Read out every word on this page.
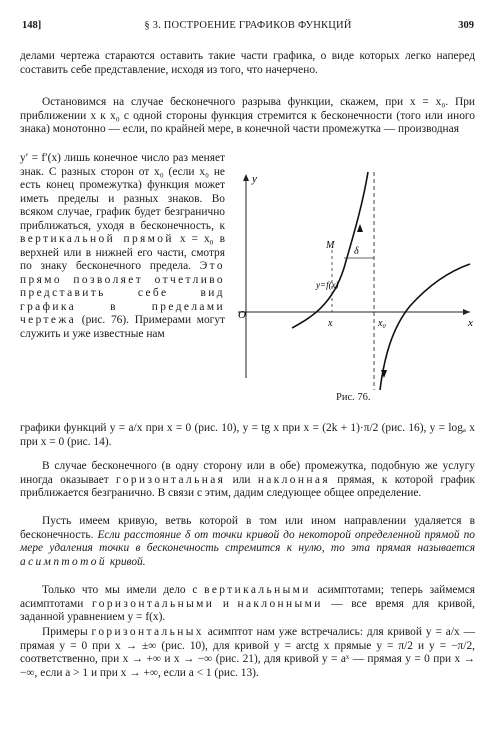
148]	§ 3. ПОСТРОЕНИЕ ГРАФИКОВ ФУНКЦИЙ	309

делами чертежа стараются оставить такие части графика, о виде которых легко наперед составить себе представление, исходя из того, что начерчено.

Остановимся на случае бесконечного разрыва функции, скажем, при x = x₀. При приближении x к x₀ с одной стороны функция стремится к бесконечности (того или иного знака) монотонно — если, по крайней мере, в конечной части промежутка — производная

y′ = f′(x) лишь конечное число раз меняет знак. С разных сторон от x₀ (если x₀ не есть конец промежутка) функция может иметь пределы и разных знаков. Во всяком случае, график будет безгранично приближаться, уходя в бесконечность, к вертикальной прямой x = x₀ в верхней или в нижней его части, смотря по знаку бесконечного предела. Это прямо позволяет отчетливо представить себе вид графика в пределами чертежа (рис. 76). Примерами могут служить и уже известные нам

O
y
x
M
δ
y=f(x)
x	x₀
Рис. 76.

графики функций y = a/x при x = 0 (рис. 10), y = tg x при x = (2k + 1)·π/2 (рис. 16), y = logₐ x при x = 0 (рис. 14).

В случае бесконечного (в одну сторону или в обе) промежутка, подобную же услугу иногда оказывает горизонтальная или наклонная прямая, к которой график приближается безгранично. В связи с этим, дадим следующее общее определение.

Пусть имеем кривую, ветвь которой в том или ином направлении удаляется в бесконечность. Если расстояние δ от точки кривой до некоторой определенной прямой по мере удаления точки в бесконечность стремится к нулю, то эта прямая называется асимптотой кривой.

Только что мы имели дело с вертикальными асимптотами; теперь займемся асимптотами горизонтальными и наклонными — все время для кривой, заданной уравнением y = f(x).

Примеры горизонтальных асимптот нам уже встречались: для кривой y = a/x — прямая y = 0 при x → ±∞ (рис. 10), для кривой y = arctg x прямые y = π/2 и y = −π/2, соответственно, при x → +∞ и x → −∞ (рис. 21), для кривой y = aˣ — прямая y = 0 при x → −∞, если a > 1 и при x → +∞, если a < 1 (рис. 13).
